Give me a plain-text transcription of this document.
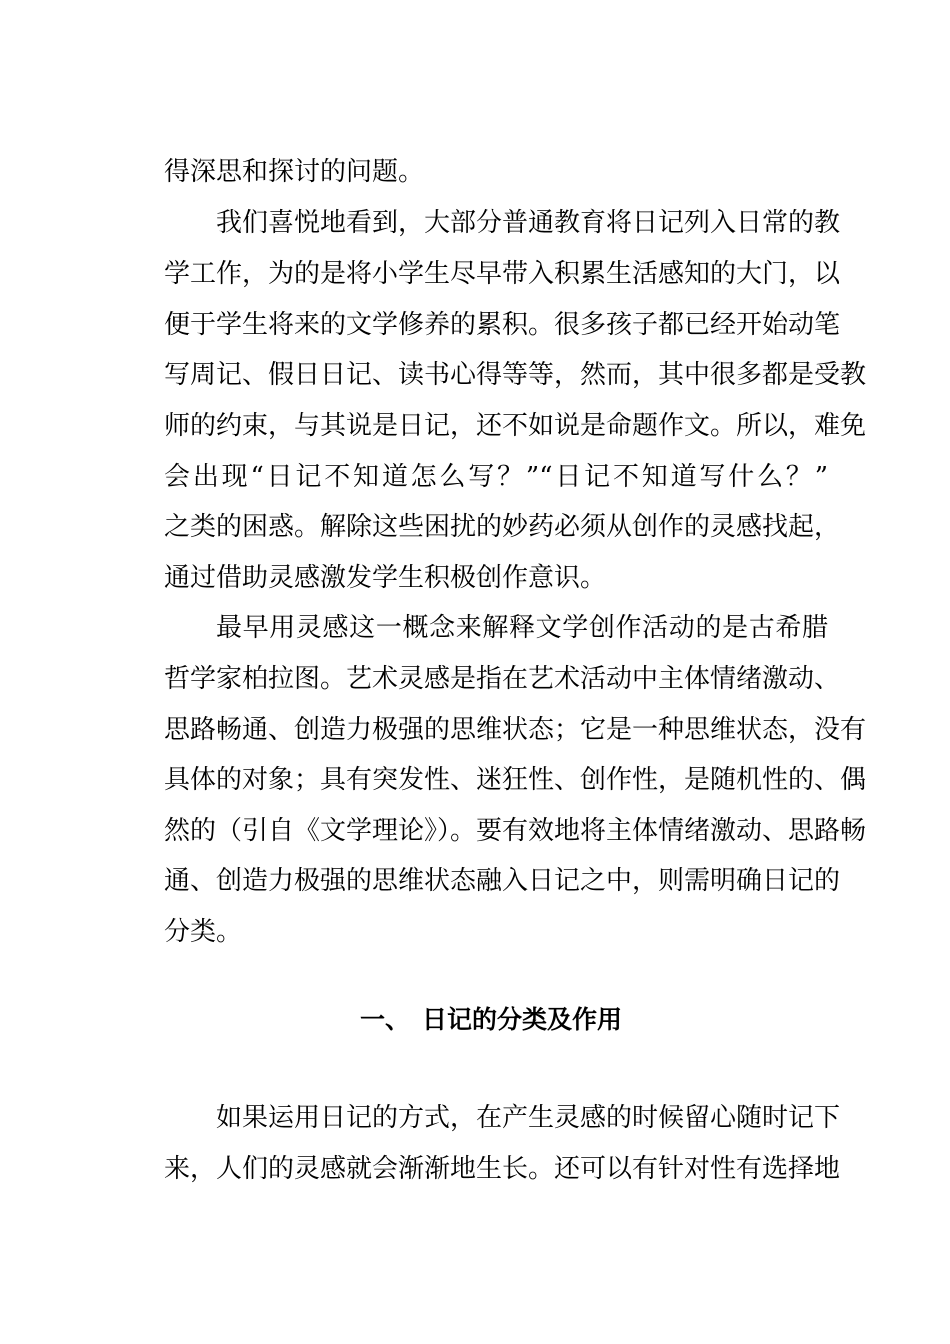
得深思和探讨的问题。
我们喜悦地看到，大部分普通教育将日记列入日常的教
学工作，为的是将小学生尽早带入积累生活感知的大门，以
便于学生将来的文学修养的累积。很多孩子都已经开始动笔
写周记、假日日记、读书心得等等，然而，其中很多都是受教
师的约束，与其说是日记，还不如说是命题作文。所以，难免
会出现“日记不知道怎么写？”“日记不知道写什么？”
之类的困惑。解除这些困扰的妙药必须从创作的灵感找起，
通过借助灵感激发学生积极创作意识。
最早用灵感这一概念来解释文学创作活动的是古希腊
哲学家柏拉图。艺术灵感是指在艺术活动中主体情绪激动、
思路畅通、创造力极强的思维状态；它是一种思维状态，没有
具体的对象；具有突发性、迷狂性、创作性，是随机性的、偶
然的（引自《文学理论》）。要有效地将主体情绪激动、思路畅
通、创造力极强的思维状态融入日记之中，则需明确日记的
分类。
一、 日记的分类及作用
如果运用日记的方式，在产生灵感的时候留心随时记下
来，人们的灵感就会渐渐地生长。还可以有针对性有选择地
